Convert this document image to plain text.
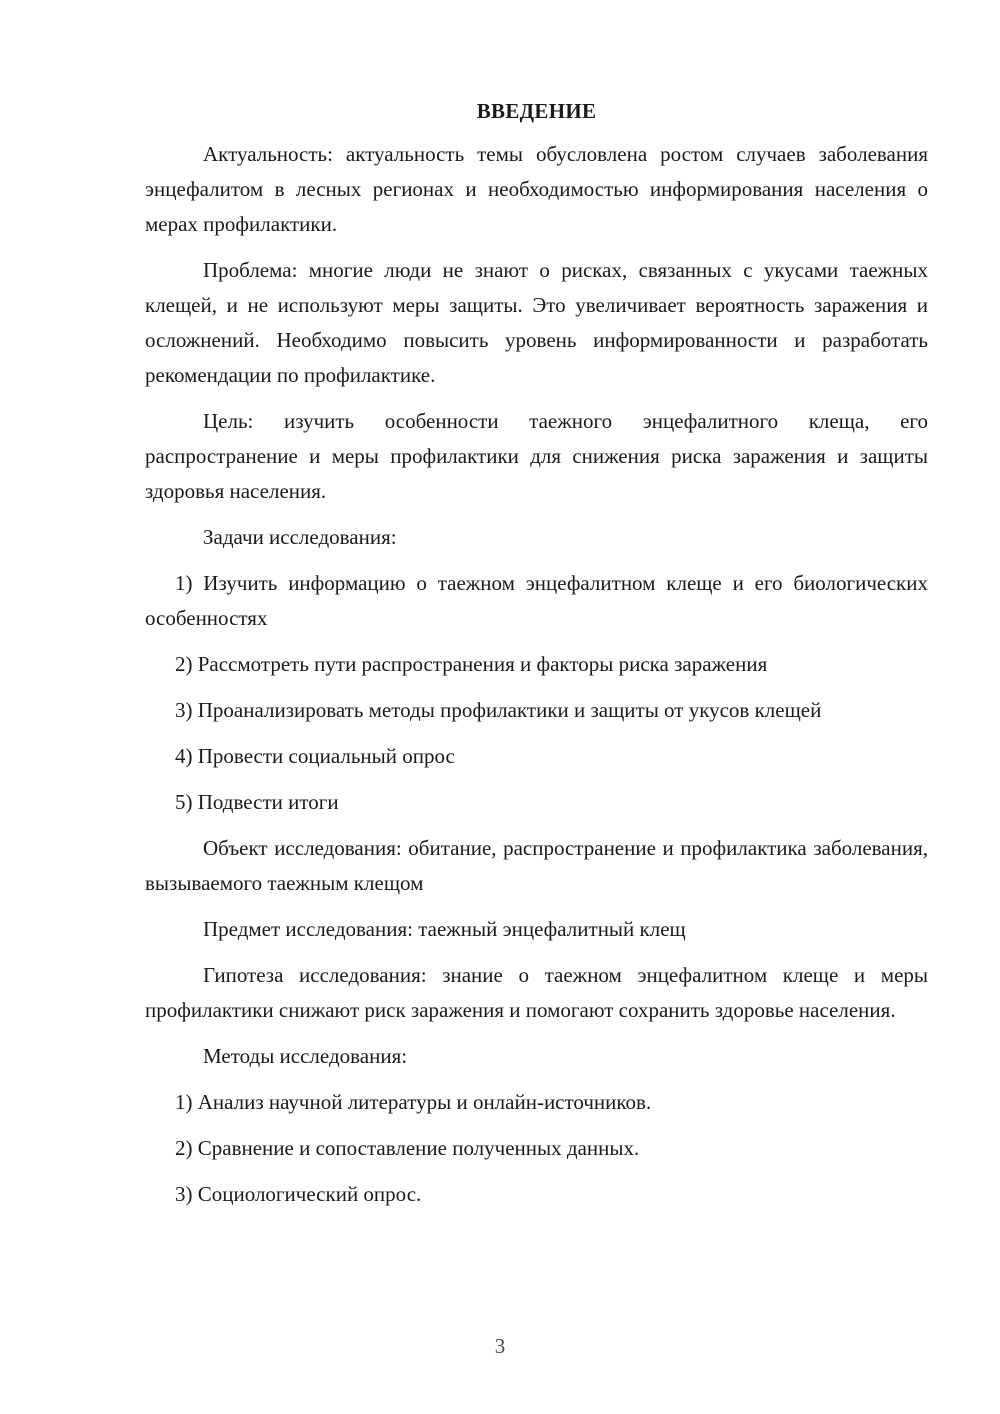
ВВЕДЕНИЕ

Актуальность: актуальность темы обусловлена ростом случаев заболевания энцефалитом в лесных регионах и необходимостью информирования населения о мерах профилактики.

Проблема: многие люди не знают о рисках, связанных с укусами таежных клещей, и не используют меры защиты. Это увеличивает вероятность заражения и осложнений. Необходимо повысить уровень информированности и разработать рекомендации по профилактике.

Цель: изучить особенности таежного энцефалитного клеща, его распространение и меры профилактики для снижения риска заражения и защиты здоровья населения.

Задачи исследования:

1) Изучить информацию о таежном энцефалитном клеще и его биологических особенностях

2) Рассмотреть пути распространения и факторы риска заражения

3) Проанализировать методы профилактики и защиты от укусов клещей

4) Провести социальный опрос

5) Подвести итоги

Объект исследования: обитание, распространение и профилактика заболевания, вызываемого таежным клещом

Предмет исследования: таежный энцефалитный клещ

Гипотеза исследования: знание о таежном энцефалитном клеще и меры профилактики снижают риск заражения и помогают сохранить здоровье населения.

Методы исследования:

1) Анализ научной литературы и онлайн-источников.

2) Сравнение и сопоставление полученных данных.

3) Социологический опрос.

3
